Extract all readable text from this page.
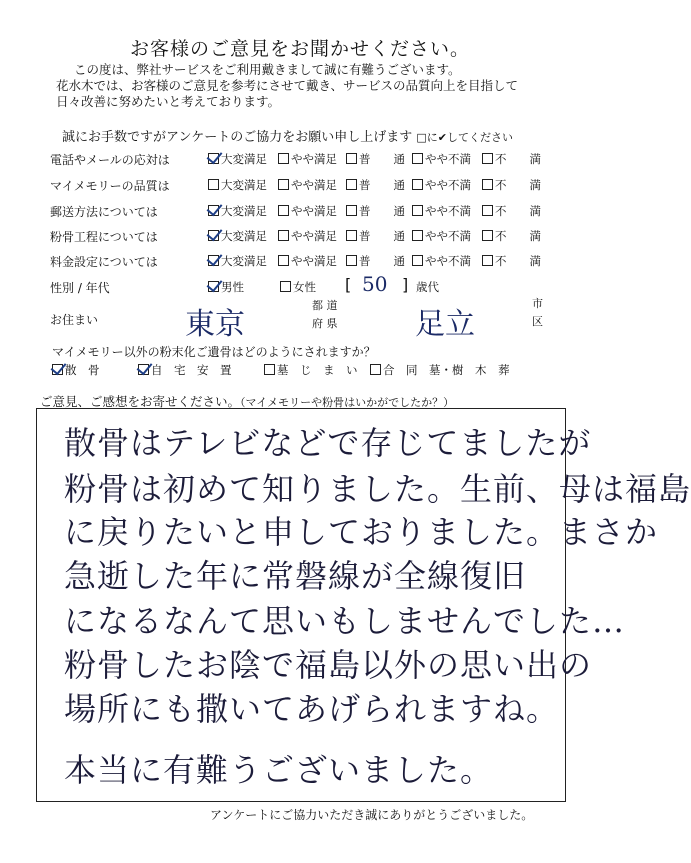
お客様のご意見をお聞かせください。
この度は、弊社サービスをご利用戴きまして誠に有難うございます。
花水木では、お客様のご意見を参考にさせて戴き、サービスの品質向上を目指して
日々改善に努めたいと考えております。
誠にお手数ですがアンケートのご協力をお願い申し上げます □に✔してください
電話やメールの応対は	大変満足	やや満足	普　　通	やや不満	不　　満
マイメモリーの品質は	大変満足	やや満足	普　　通	やや不満	不　　満
郵送方法については	大変満足	やや満足	普　　通	やや不満	不　　満
粉骨工程については	大変満足	やや満足	普　　通	やや不満	不　　満
料金設定については	大変満足	やや満足	普　　通	やや不満	不　　満
性別 / 年代	男性	女性 [ 50 ] 歳代
お住まい	東京
都 道
府 県	足立
市
区
マイメモリー以外の粉末化ご遺骨はどのようにされますか？
散　骨	自　宅　安　置	墓　じ　ま　い	合　同　墓・樹　木　葬
ご意見、ご感想をお寄せください。（マイメモリーや粉骨はいかがでしたか？）
散骨はテレビなどで存じてましたが
粉骨は初めて知りました。生前、母は福島
に戻りたいと申しておりました。まさか
急逝した年に常磐線が全線復旧
になるなんて思いもしませんでした…
粉骨したお陰で福島以外の思い出の
場所にも撒いてあげられますね。
本当に有難うございました。
アンケートにご協力いただき誠にありがとうございました。
